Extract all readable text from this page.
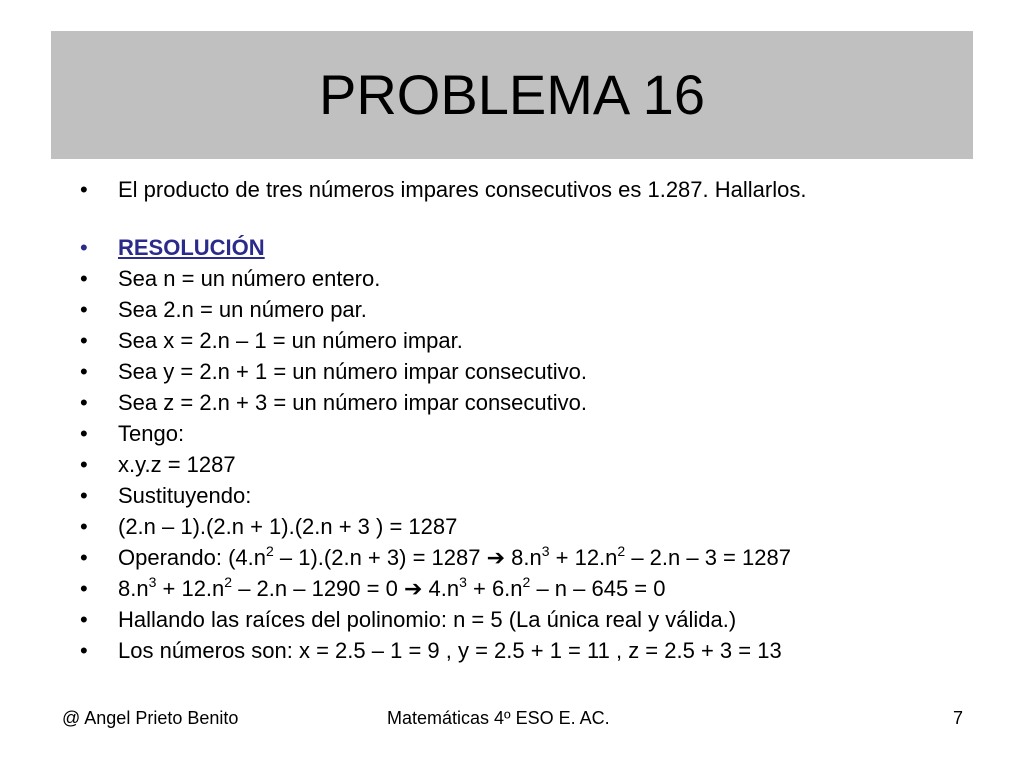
PROBLEMA 16
• El producto de tres números impares consecutivos es 1.287. Hallarlos.
• RESOLUCIÓN
• Sea n = un número entero.
• Sea 2.n = un número par.
• Sea x = 2.n – 1 = un número impar.
• Sea y = 2.n + 1 = un número impar consecutivo.
• Sea z = 2.n + 3 = un número impar consecutivo.
• Tengo:
• x.y.z = 1287
• Sustituyendo:
• (2.n – 1).(2.n + 1).(2.n + 3 ) = 1287
• Operando: $(4.n^2 - 1).(2.n + 3) = 1287$ ➔ $8.n^3 + 12.n^2 - 2.n - 3 = 1287$
• $8.n^3 + 12.n^2 - 2.n - 1290 = 0$ ➔ $4.n^3 + 6.n^2 - n - 645 = 0$
• Hallando las raíces del polinomio: n = 5 (La única real y válida.)
• Los números son: x = 2.5 – 1 = 9 , y = 2.5 + 1 = 11 , z = 2.5 + 3 = 13
@ Angel Prieto Benito	Matemáticas 4º ESO E. AC.	7
